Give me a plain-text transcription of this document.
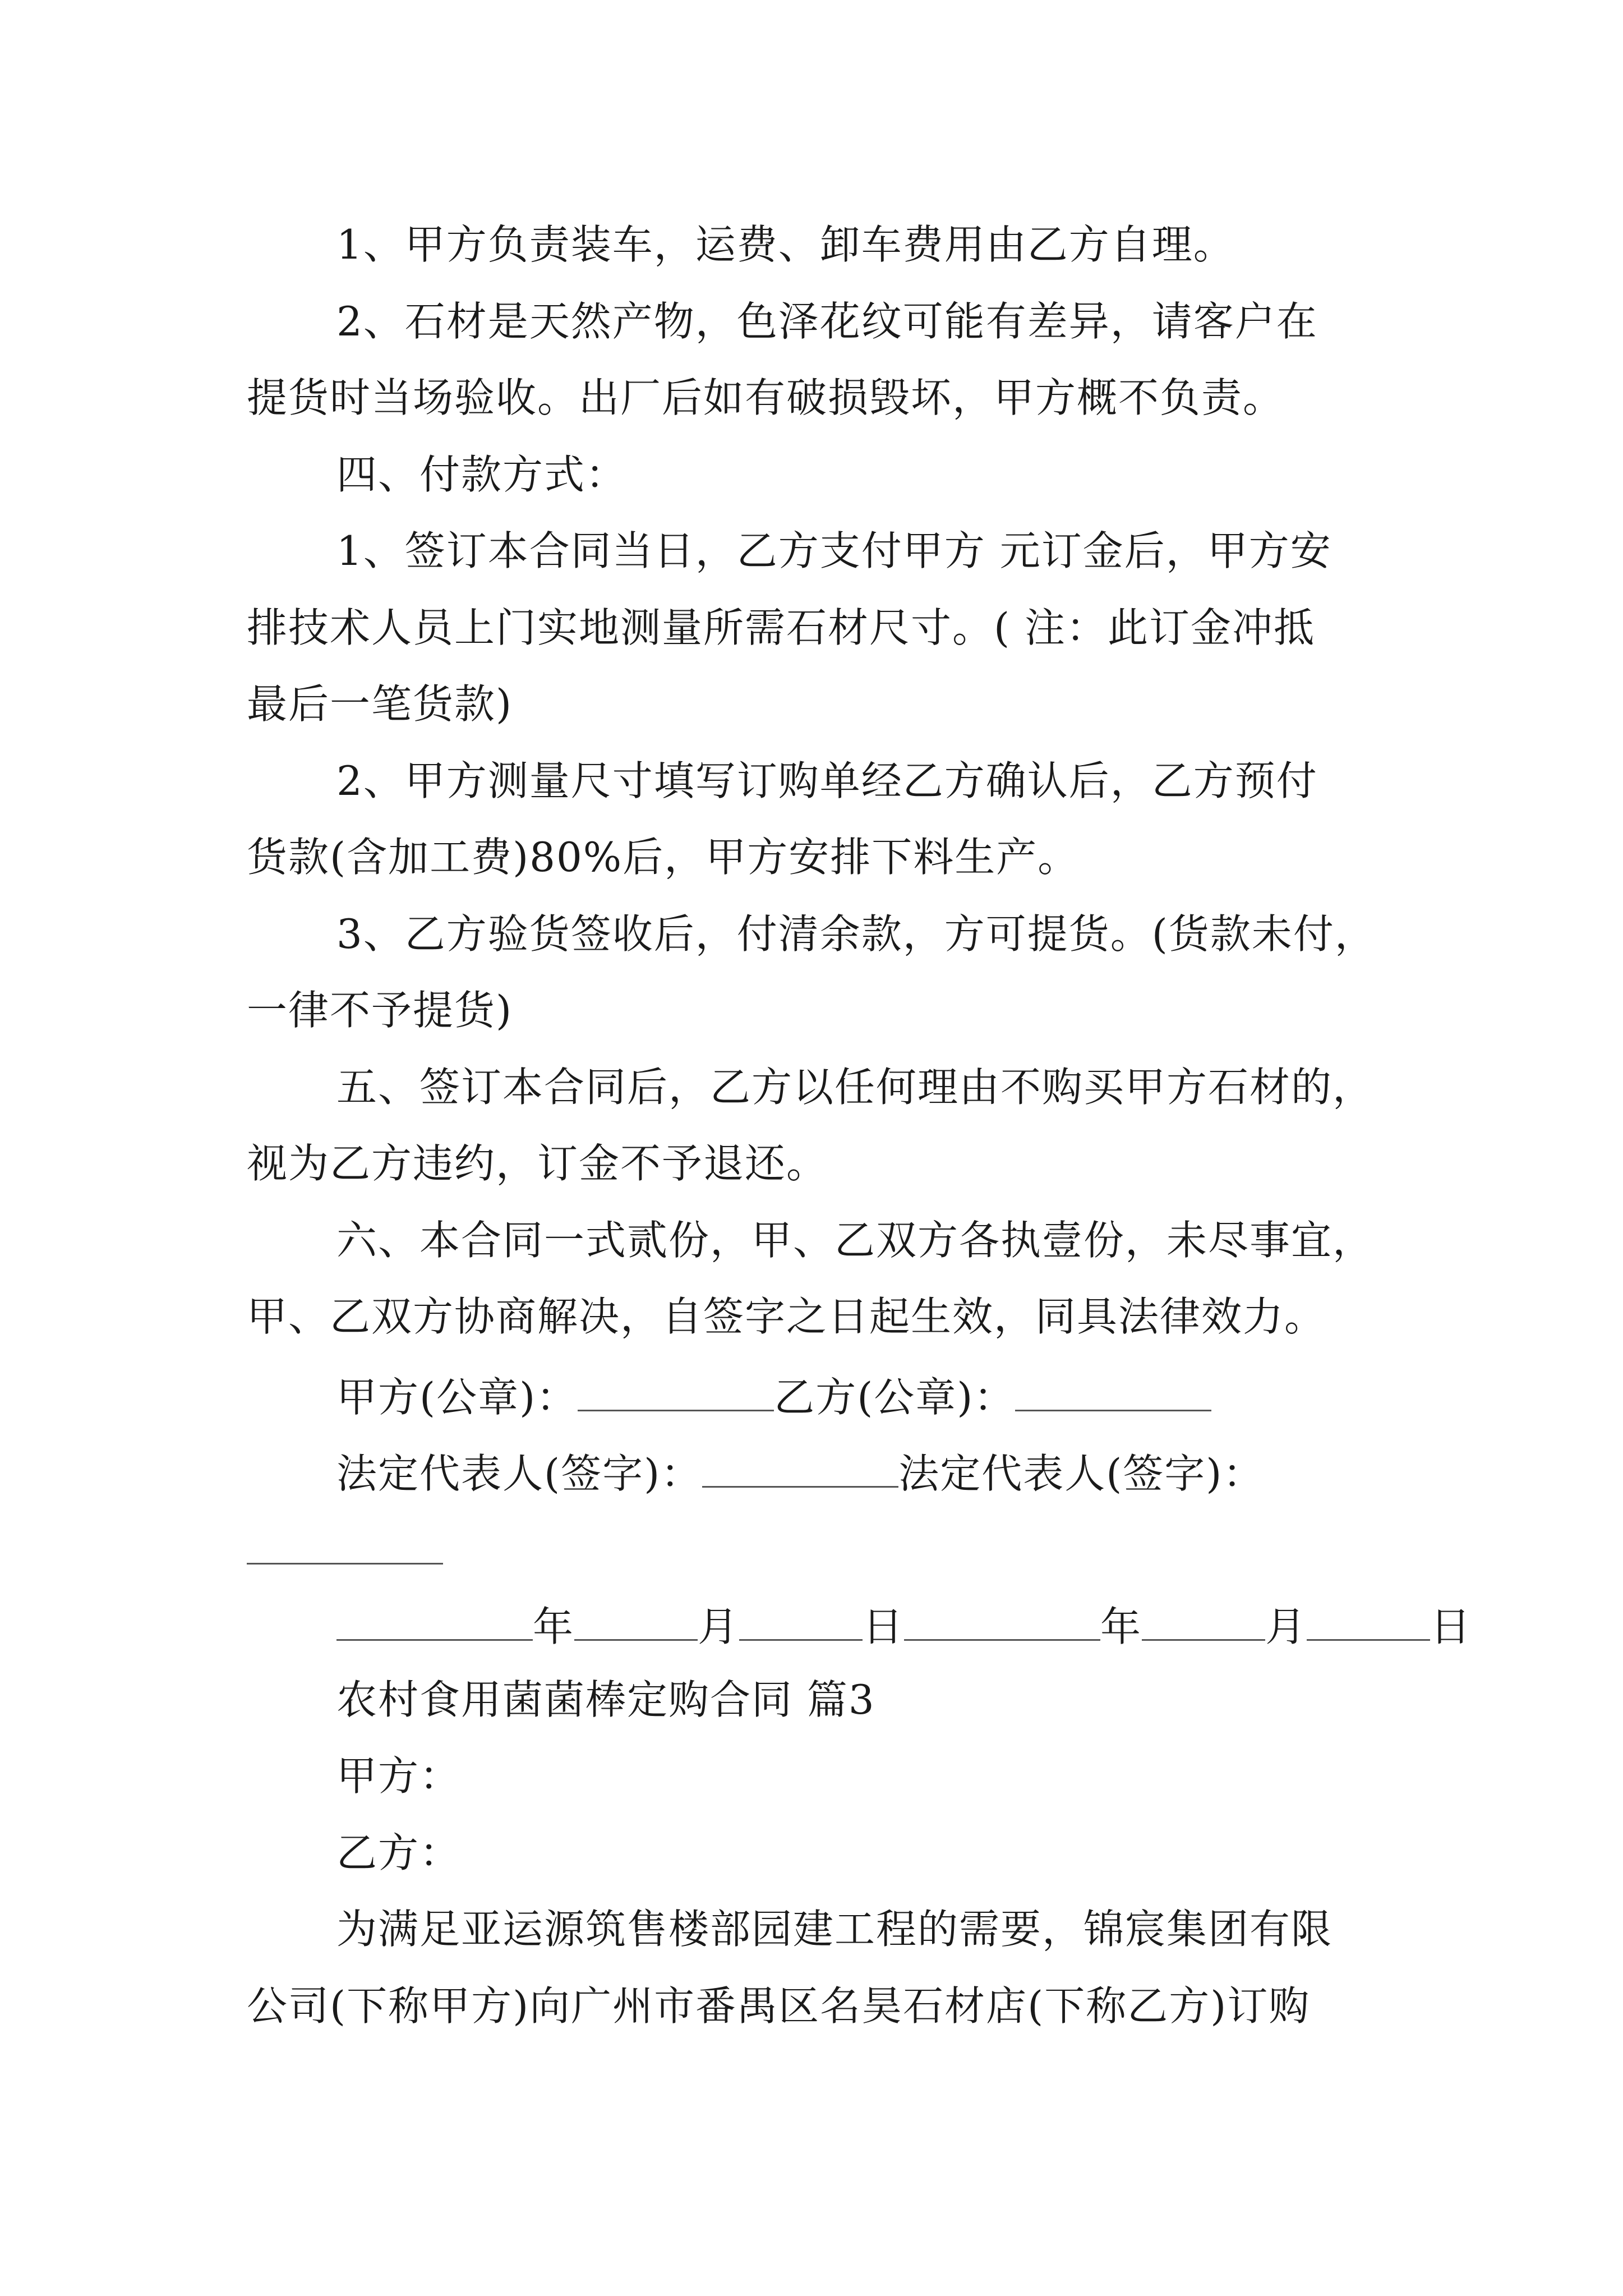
1、甲方负责装车，运费、卸车费用由乙方自理。
2、石材是天然产物，色泽花纹可能有差异，请客户在
提货时当场验收。出厂后如有破损毁坏，甲方概不负责。
四、付款方式：
1、签订本合同当日，乙方支付甲方 元订金后，甲方安
排技术人员上门实地测量所需石材尺寸。( 注：此订金冲抵
最后一笔货款)
2、甲方测量尺寸填写订购单经乙方确认后，乙方预付
货款(含加工费)80%后，甲方安排下料生产。
3、乙方验货签收后，付清余款，方可提货。(货款未付，
一律不予提货)
五、签订本合同后，乙方以任何理由不购买甲方石材的，
视为乙方违约，订金不予退还。
六、本合同一式贰份，甲、乙双方各执壹份，未尽事宜，
甲、乙双方协商解决，自签字之日起生效，同具法律效力。
甲方(公章)：	乙方(公章)：
法定代表人(签字)：	法定代表人(签字)：
年	月	日	年	月	日
农村食用菌菌棒定购合同 篇3
甲方：
乙方：
为满足亚运源筑售楼部园建工程的需要，锦宸集团有限
公司(下称甲方)向广州市番禺区名昊石材店(下称乙方)订购
